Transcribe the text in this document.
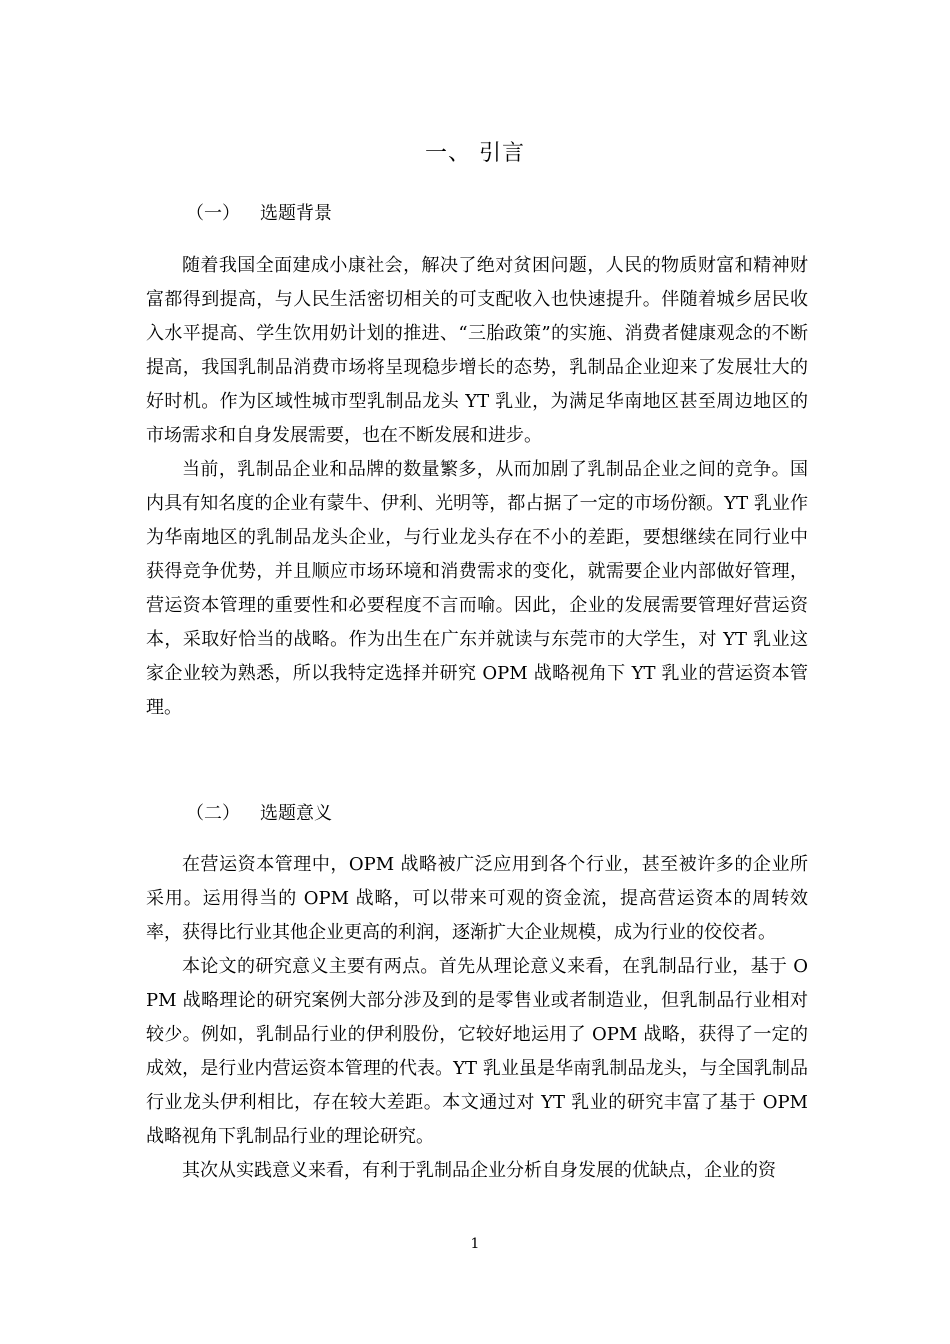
一、 引言
（一） 选题背景

随着我国全面建成小康社会，解决了绝对贫困问题，人民的物质财富和精神财富都得到提高，与人民生活密切相关的可支配收入也快速提升。伴随着城乡居民收入水平提高、学生饮用奶计划的推进、“三胎政策”的实施、消费者健康观念的不断提高，我国乳制品消费市场将呈现稳步增长的态势，乳制品企业迎来了发展壮大的好时机。作为区域性城市型乳制品龙头 YT 乳业，为满足华南地区甚至周边地区的市场需求和自身发展需要，也在不断发展和进步。

当前，乳制品企业和品牌的数量繁多，从而加剧了乳制品企业之间的竞争。国内具有知名度的企业有蒙牛、伊利、光明等，都占据了一定的市场份额。YT 乳业作为华南地区的乳制品龙头企业，与行业龙头存在不小的差距，要想继续在同行业中获得竞争优势，并且顺应市场环境和消费需求的变化，就需要企业内部做好管理，营运资本管理的重要性和必要程度不言而喻。因此，企业的发展需要管理好营运资本，采取好恰当的战略。作为出生在广东并就读与东莞市的大学生，对 YT 乳业这家企业较为熟悉，所以我特定选择并研究 OPM 战略视角下 YT 乳业的营运资本管理。

（二） 选题意义

在营运资本管理中，OPM 战略被广泛应用到各个行业，甚至被许多的企业所采用。运用得当的 OPM 战略，可以带来可观的资金流，提高营运资本的周转效率，获得比行业其他企业更高的利润，逐渐扩大企业规模，成为行业的佼佼者。

本论文的研究意义主要有两点。首先从理论意义来看，在乳制品行业，基于 OPM 战略理论的研究案例大部分涉及到的是零售业或者制造业，但乳制品行业相对较少。例如，乳制品行业的伊利股份，它较好地运用了 OPM 战略，获得了一定的成效，是行业内营运资本管理的代表。YT 乳业虽是华南乳制品龙头，与全国乳制品行业龙头伊利相比，存在较大差距。本文通过对 YT 乳业的研究丰富了基于 OPM 战略视角下乳制品行业的理论研究。

其次从实践意义来看，有利于乳制品企业分析自身发展的优缺点，企业的资

1
